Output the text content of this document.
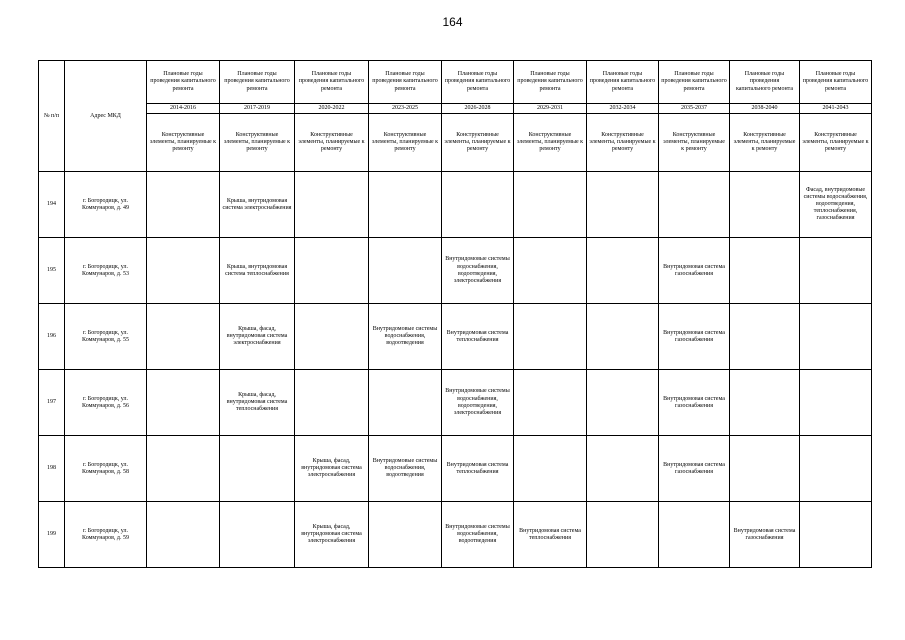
164
№ п/п	Адрес МКД	Плановые годы проведения капитального ремонта	Плановые годы проведения капитального ремонта	Плановые годы проведения капитального ремонта	Плановые годы проведения капитального ремонта	Плановые годы проведения капитального ремонта	Плановые годы проведения капитального ремонта	Плановые годы проведения капитального ремонта	Плановые годы проведения капитального ремонта	Плановые годы проведения капитального ремонта	Плановые годы проведения капитального ремонта
		2014-2016	2017-2019	2020-2022	2023-2025	2026-2028	2029-2031	2032-2034	2035-2037	2038-2040	2041-2043
		Конструктивные элементы, планируемые к ремонту	Конструктивные элементы, планируемые к ремонту	Конструктивные элементы, планируемые к ремонту	Конструктивные элементы, планируемые к ремонту	Конструктивные элементы, планируемые к ремонту	Конструктивные элементы, планируемые к ремонту	Конструктивные элементы, планируемые к ремонту	Конструктивные элементы, планируемые к ремонту	Конструктивные элементы, планируемые к ремонту	Конструктивные элементы, планируемые к ремонту
194	г. Богородицк, ул. Коммунаров, д. 49		Крыша, внутридомовая система электроснабжения								Фасад, внутридомовые системы водоснабжения, водоотведения, теплоснабжения, газоснабжения
195	г. Богородицк, ул. Коммунаров, д. 53		Крыша, внутридомовая система теплоснабжения			Внутридомовые системы водоснабжения, водоотведения, электроснабжения			Внутридомовая система газоснабжения		
196	г. Богородицк, ул. Коммунаров, д. 55		Крыша, фасад, внутридомовая система электроснабжения		Внутридомовые системы водоснабжения, водоотведения	Внутридомовая система теплоснабжения			Внутридомовая система газоснабжения		
197	г. Богородицк, ул. Коммунаров, д. 56		Крыша, фасад, внутридомовая система теплоснабжения			Внутридомовые системы водоснабжения, водоотведения, электроснабжения			Внутридомовая система газоснабжения		
198	г. Богородицк, ул. Коммунаров, д. 58			Крыша, фасад, внутридомовая система электроснабжения	Внутридомовые системы водоснабжения, водоотведения	Внутридомовая система теплоснабжения			Внутридомовая система газоснабжения		
199	г. Богородицк, ул. Коммунаров, д. 59			Крыша, фасад, внутридомовая система электроснабжения		Внутридомовые системы водоснабжения, водоотведения	Внутридомовая система теплоснабжения			Внутридомовая система газоснабжения	
